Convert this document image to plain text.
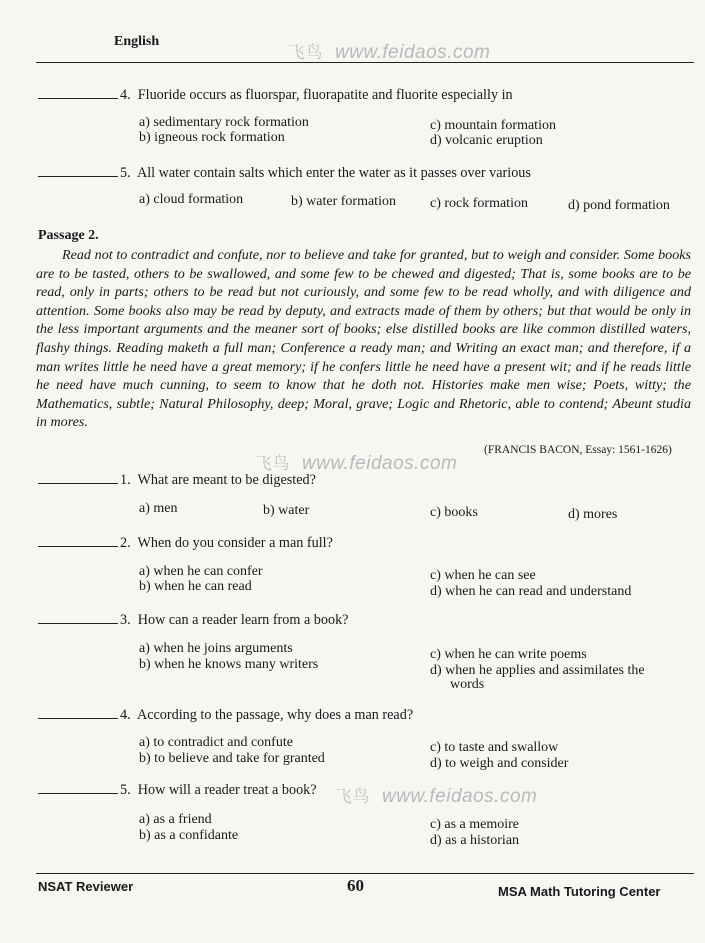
English
飞鸟 www.feidaos.com
飞鸟 www.feidaos.com
飞鸟 www.feidaos.com
4. Fluoride occurs as fluorspar, fluorapatite and fluorite especially in
a) sedimentary rock formation
b) igneous rock formation
c) mountain formation
d) volcanic eruption
5. All water contain salts which enter the water as it passes over various
a) cloud formation	b) water formation c) rock formation	d) pond formation
Passage 2.

Read not to contradict and confute, nor to believe and take for granted, but to weigh and consider. Some books are to be tasted, others to be swallowed, and some few to be chewed and digested; That is, some books are to be read, only in parts; others to be read but not curiously, and some few to be read wholly, and with diligence and attention. Some books also may be read by deputy, and extracts made of them by others; but that would be only in the less important arguments and the meaner sort of books; else distilled books are like common distilled waters, flashy things. Reading maketh a full man; Conference a ready man; and Writing an exact man; and therefore, if a man writes little he need have a great memory; if he confers little he need have a present wit; and if he reads little he need have much cunning, to seem to know that he doth not. Histories make men wise; Poets, witty; the Mathematics, subtle; Natural Philosophy, deep; Moral, grave; Logic and Rhetoric, able to contend; Abeunt studia in mores.

(FRANCIS BACON, Essay: 1561-1626)
1. What are meant to be digested?
a) men	b) water	c) books	d) mores
2. When do you consider a man full?
a) when he can confer
b) when he can read
c) when he can see
d) when he can read and understand
3. How can a reader learn from a book?
a) when he joins arguments
b) when he knows many writers
c) when he can write poems
d) when he applies and assimilates the
words
4. According to the passage, why does a man read?
a) to contradict and confute
b) to believe and take for granted
c) to taste and swallow
d) to weigh and consider
5. How will a reader treat a book?
a) as a friend
b) as a confidante
c) as a memoire
d) as a historian
NSAT Reviewer	60	MSA Math Tutoring Center
